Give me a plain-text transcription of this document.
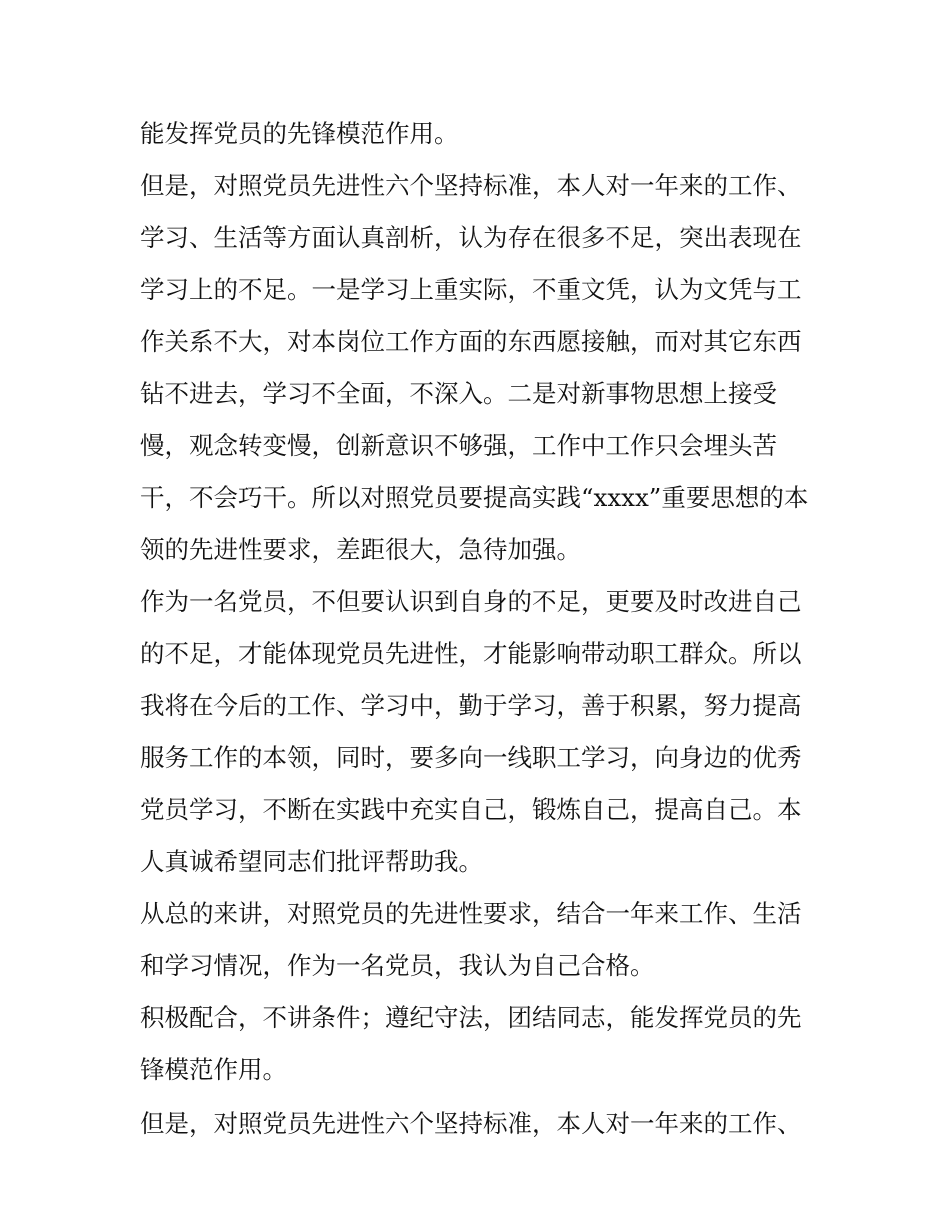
能发挥党员的先锋模范作用。
但是，对照党员先进性六个坚持标准，本人对一年来的工作、
学习、生活等方面认真剖析，认为存在很多不足，突出表现在
学习上的不足。一是学习上重实际，不重文凭，认为文凭与工
作关系不大，对本岗位工作方面的东西愿接触，而对其它东西
钻不进去，学习不全面，不深入。二是对新事物思想上接受
慢，观念转变慢，创新意识不够强，工作中工作只会埋头苦
干，不会巧干。所以对照党员要提高实践“xxxx”重要思想的本
领的先进性要求，差距很大，急待加强。
作为一名党员，不但要认识到自身的不足，更要及时改进自己
的不足，才能体现党员先进性，才能影响带动职工群众。所以
我将在今后的工作、学习中，勤于学习，善于积累，努力提高
服务工作的本领，同时，要多向一线职工学习，向身边的优秀
党员学习，不断在实践中充实自己，锻炼自己，提高自己。本
人真诚希望同志们批评帮助我。
从总的来讲，对照党员的先进性要求，结合一年来工作、生活
和学习情况，作为一名党员，我认为自己合格。
积极配合，不讲条件；遵纪守法，团结同志，能发挥党员的先
锋模范作用。
但是，对照党员先进性六个坚持标准，本人对一年来的工作、
